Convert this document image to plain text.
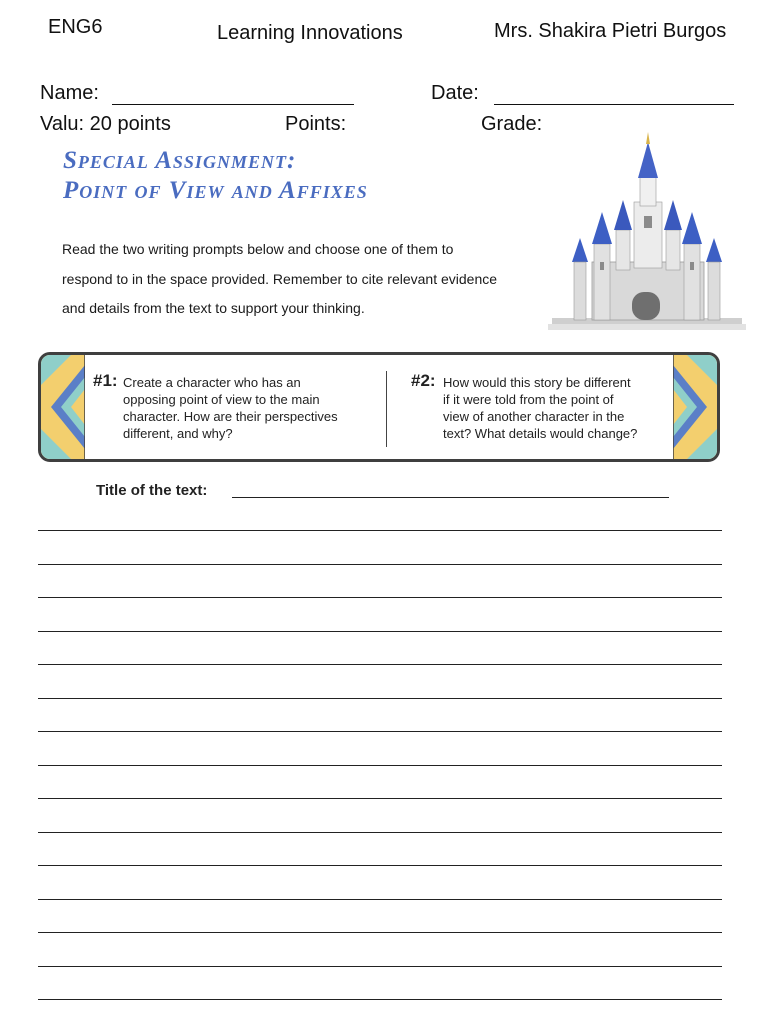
ENG6	Learning Innovations	Mrs. Shakira Pietri Burgos
Name:	Date:
Valu: 20 points	Points:	Grade:
Special Assignment:
Point of View and Affixes
Read the two writing prompts below and choose one of them to
respond to in the space provided. Remember to cite relevant evidence
and details from the text to support your thinking.
#1: Create a character who has an
opposing point of view to the main
character. How are their perspectives
different, and why?
#2: How would this story be different
if it were told from the point of
view of another character in the
text? What details would change?
Title of the text:
